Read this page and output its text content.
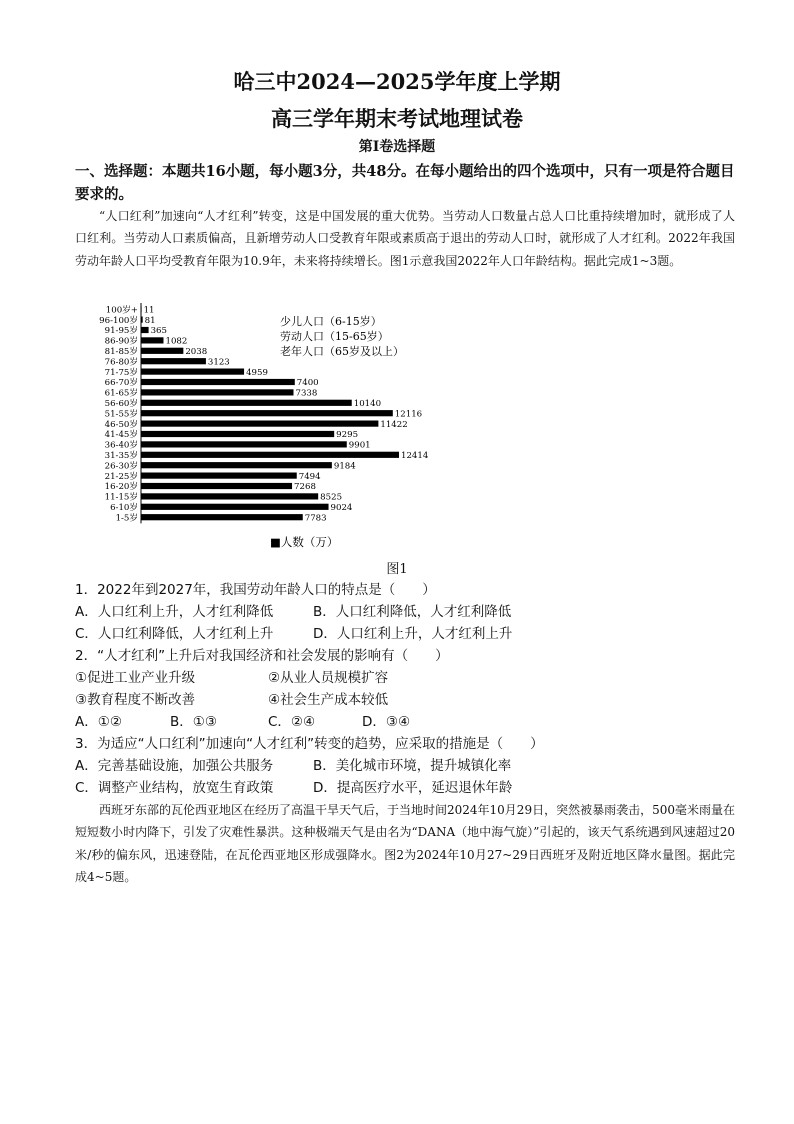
哈三中2024—2025学年度上学期
高三学年期末考试地理试卷
第Ⅰ卷选择题
一、选择题：本题共16小题，每小题3分，共48分。在每小题给出的四个选项中，只有一项是符合题目要求的。
“人口红利”加速向“人才红利”转变，这是中国发展的重大优势。当劳动人口数量占总人口比重持续增加时，就形成了人口红利。当劳动人口素质偏高，且新增劳动人口受教育年限或素质高于退出的劳动人口时，就形成了人才红利。2022年我国劳动年龄人口平均受教育年限为10.9年，未来将持续增长。图1示意我国2022年人口年龄结构。据此完成1~3题。
100岁+ 11
96-100岁 81
91-95岁 365
86-90岁	1082
81-85岁	2038
76-80岁	3123
71-75岁	4959
66-70岁	7400
61-65岁	7338
56-60岁	10140
51-55岁	12116
46-50岁	11422
41-45岁	9295
36-40岁	9901
31-35岁	12414
26-30岁	9184
21-25岁	7494
16-20岁	7268
11-15岁	8525
6-10岁	9024
1-5岁	7783
少儿人口（6-15岁）
劳动人口（15-65岁）
老年人口（65岁及以上）
■人数（万）
图1
1．2022年到2027年，我国劳动年龄人口的特点是（　　）
A．人口红利上升，人才红利降低	B．人口红利降低，人才红利降低
C．人口红利降低，人才红利上升	D．人口红利上升，人才红利上升
2．“人才红利”上升后对我国经济和社会发展的影响有（　　）
①促进工业产业升级	②从业人员规模扩容
③教育程度不断改善	④社会生产成本较低
A．①②	B．①③	C．②④	D．③④
3．为适应“人口红利”加速向“人才红利”转变的趋势，应采取的措施是（　　）
A．完善基础设施，加强公共服务	B．美化城市环境，提升城镇化率
C．调整产业结构，放宽生育政策	D．提高医疗水平，延迟退休年龄
西班牙东部的瓦伦西亚地区在经历了高温干旱天气后，于当地时间2024年10月29日，突然被暴雨袭击，500毫米雨量在短短数小时内降下，引发了灾难性暴洪。这种极端天气是由名为“DANA（地中海气旋）”引起的，该天气系统遇到风速超过20米/秒的偏东风，迅速登陆，在瓦伦西亚地区形成强降水。图2为2024年10月27~29日西班牙及附近地区降水量图。据此完成4~5题。
